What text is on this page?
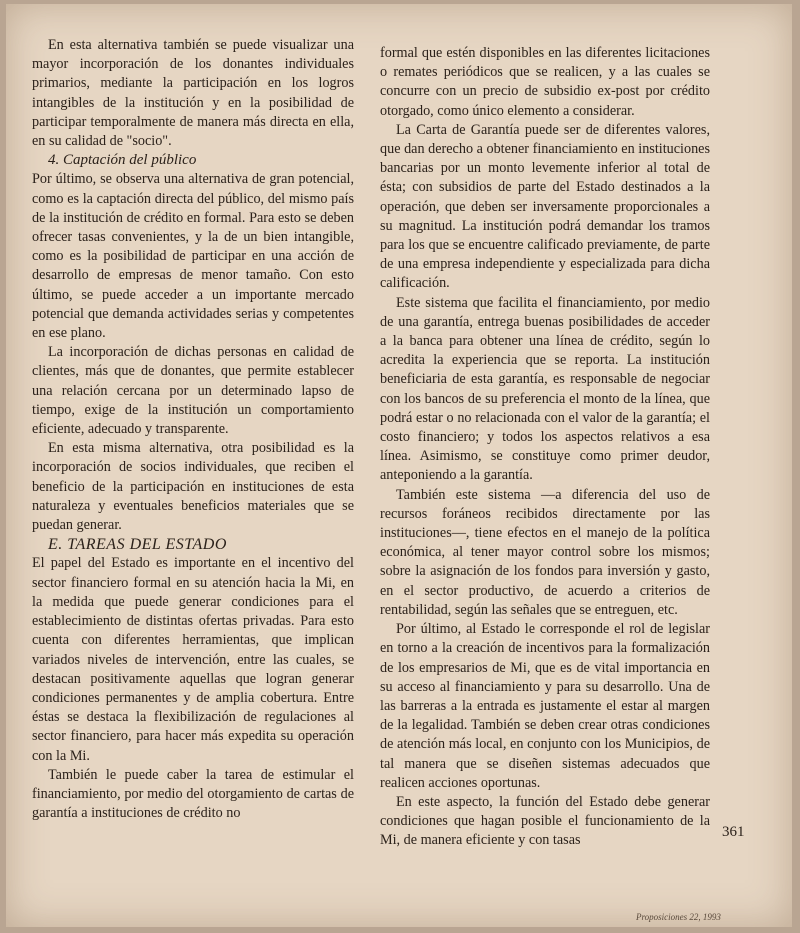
En esta alternativa también se puede visualizar una mayor incorporación de los donantes individuales primarios, mediante la participación en los logros intangibles de la institución y en la posibilidad de participar temporalmente de manera más directa en ella, en su calidad de "socio".

4. Captación del público

Por último, se observa una alternativa de gran potencial, como es la captación directa del público, del mismo país de la institución de crédito en formal. Para esto se deben ofrecer tasas convenientes, y la de un bien intangible, como es la posibilidad de participar en una acción de desarrollo de empresas de menor tamaño. Con esto último, se puede acceder a un importante mercado potencial que demanda actividades serias y competentes en ese plano.

La incorporación de dichas personas en calidad de clientes, más que de donantes, que permite establecer una relación cercana por un determinado lapso de tiempo, exige de la institución un comportamiento eficiente, adecuado y transparente.

En esta misma alternativa, otra posibilidad es la incorporación de socios individuales, que reciben el beneficio de la participación en instituciones de esta naturaleza y eventuales beneficios materiales que se puedan generar.

E. TAREAS DEL ESTADO

El papel del Estado es importante en el incentivo del sector financiero formal en su atención hacia la Mi, en la medida que puede generar condiciones para el establecimiento de distintas ofertas privadas. Para esto cuenta con diferentes herramientas, que implican variados niveles de intervención, entre las cuales, se destacan positivamente aquellas que logran generar condiciones permanentes y de amplia cobertura. Entre éstas se destaca la flexibilización de regulaciones al sector financiero, para hacer más expedita su operación con la Mi.

También le puede caber la tarea de estimular el financiamiento, por medio del otorgamiento de cartas de garantía a instituciones de crédito no

formal que estén disponibles en las diferentes licitaciones o remates periódicos que se realicen, y a las cuales se concurre con un precio de subsidio ex-post por crédito otorgado, como único elemento a considerar.

La Carta de Garantía puede ser de diferentes valores, que dan derecho a obtener financiamiento en instituciones bancarias por un monto levemente inferior al total de ésta; con subsidios de parte del Estado destinados a la operación, que deben ser inversamente proporcionales a su magnitud. La institución podrá demandar los tramos para los que se encuentre calificado previamente, de parte de una empresa independiente y especializada para dicha calificación.

Este sistema que facilita el financiamiento, por medio de una garantía, entrega buenas posibilidades de acceder a la banca para obtener una línea de crédito, según lo acredita la experiencia que se reporta. La institución beneficiaria de esta garantía, es responsable de negociar con los bancos de su preferencia el monto de la línea, que podrá estar o no relacionada con el valor de la garantía; el costo financiero; y todos los aspectos relativos a esa línea. Asimismo, se constituye como primer deudor, anteponiendo a la garantía.

También este sistema —a diferencia del uso de recursos foráneos recibidos directamente por las instituciones—, tiene efectos en el manejo de la política económica, al tener mayor control sobre los mismos; sobre la asignación de los fondos para inversión y gasto, en el sector productivo, de acuerdo a criterios de rentabilidad, según las señales que se entreguen, etc.

Por último, al Estado le corresponde el rol de legislar en torno a la creación de incentivos para la formalización de los empresarios de Mi, que es de vital importancia en su acceso al financiamiento y para su desarrollo. Una de las barreras a la entrada es justamente el estar al margen de la legalidad. También se deben crear otras condiciones de atención más local, en conjunto con los Municipios, de tal manera que se diseñen sistemas adecuados que realicen acciones oportunas.

En este aspecto, la función del Estado debe generar condiciones que hagan posible el funcionamiento de la Mi, de manera eficiente y con tasas

361
Proposiciones 22, 1993
